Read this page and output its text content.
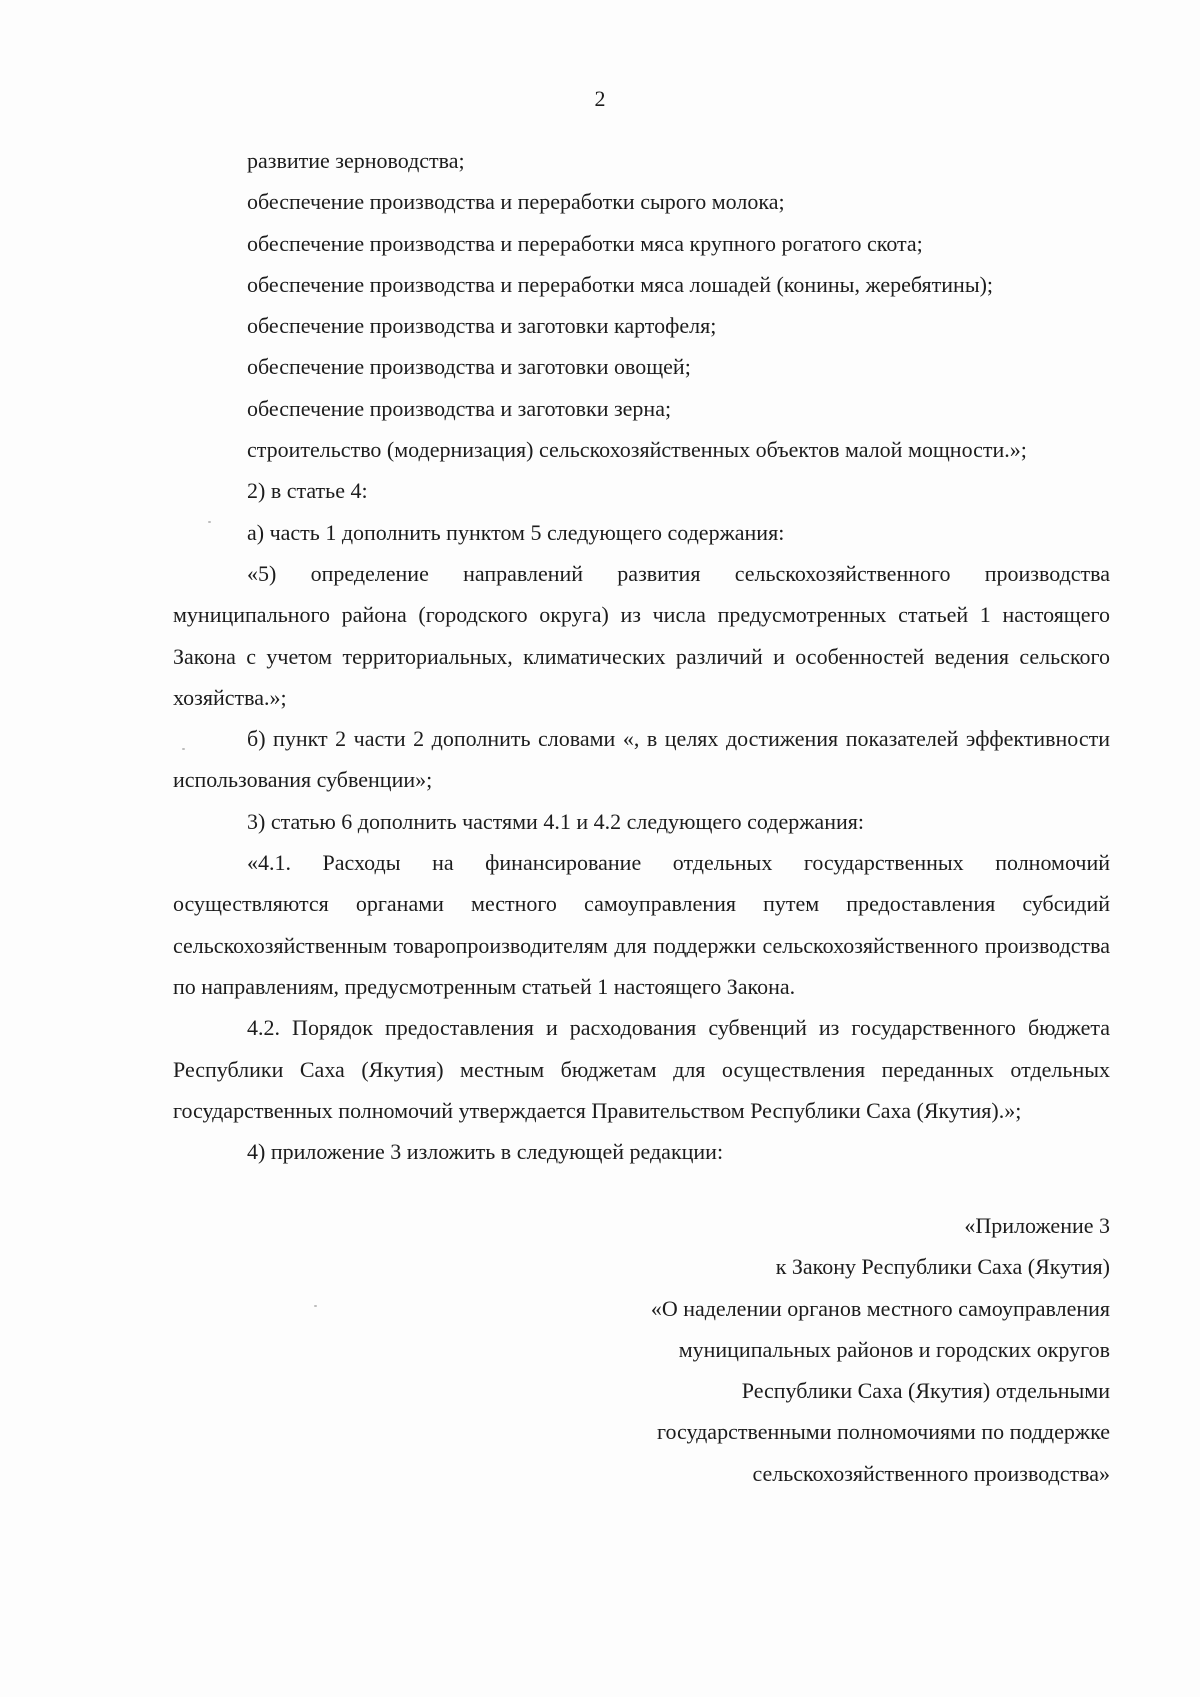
2

развитие зерноводства;

обеспечение производства и переработки сырого молока;

обеспечение производства и переработки мяса крупного рогатого скота;

обеспечение производства и переработки мяса лошадей (конины, жеребятины);

обеспечение производства и заготовки картофеля;

обеспечение производства и заготовки овощей;

обеспечение производства и заготовки зерна;

строительство (модернизация) сельскохозяйственных объектов малой мощности.»;

2) в статье 4:

а) часть 1 дополнить пунктом 5 следующего содержания:

«5) определение направлений развития сельскохозяйственного производства муниципального района (городского округа) из числа предусмотренных статьей 1 настоящего Закона с учетом территориальных, климатических различий и особенностей ведения сельского хозяйства.»;

б) пункт 2 части 2 дополнить словами «, в целях достижения показателей эффективности использования субвенции»;

3) статью 6 дополнить частями 4.1 и 4.2 следующего содержания:

«4.1. Расходы на финансирование отдельных государственных полномочий осуществляются органами местного самоуправления путем предоставления субсидий сельскохозяйственным товаропроизводителям для поддержки сельскохозяйственного производства по направлениям, предусмотренным статьей 1 настоящего Закона.

4.2. Порядок предоставления и расходования субвенций из государственного бюджета Республики Саха (Якутия) местным бюджетам для осуществления переданных отдельных государственных полномочий утверждается Правительством Республики Саха (Якутия).»;

4) приложение 3 изложить в следующей редакции:

«Приложение 3

к Закону Республики Саха (Якутия)

«О наделении органов местного самоуправления

муниципальных районов и городских округов

Республики Саха (Якутия) отдельными

государственными полномочиями по поддержке

сельскохозяйственного производства»
